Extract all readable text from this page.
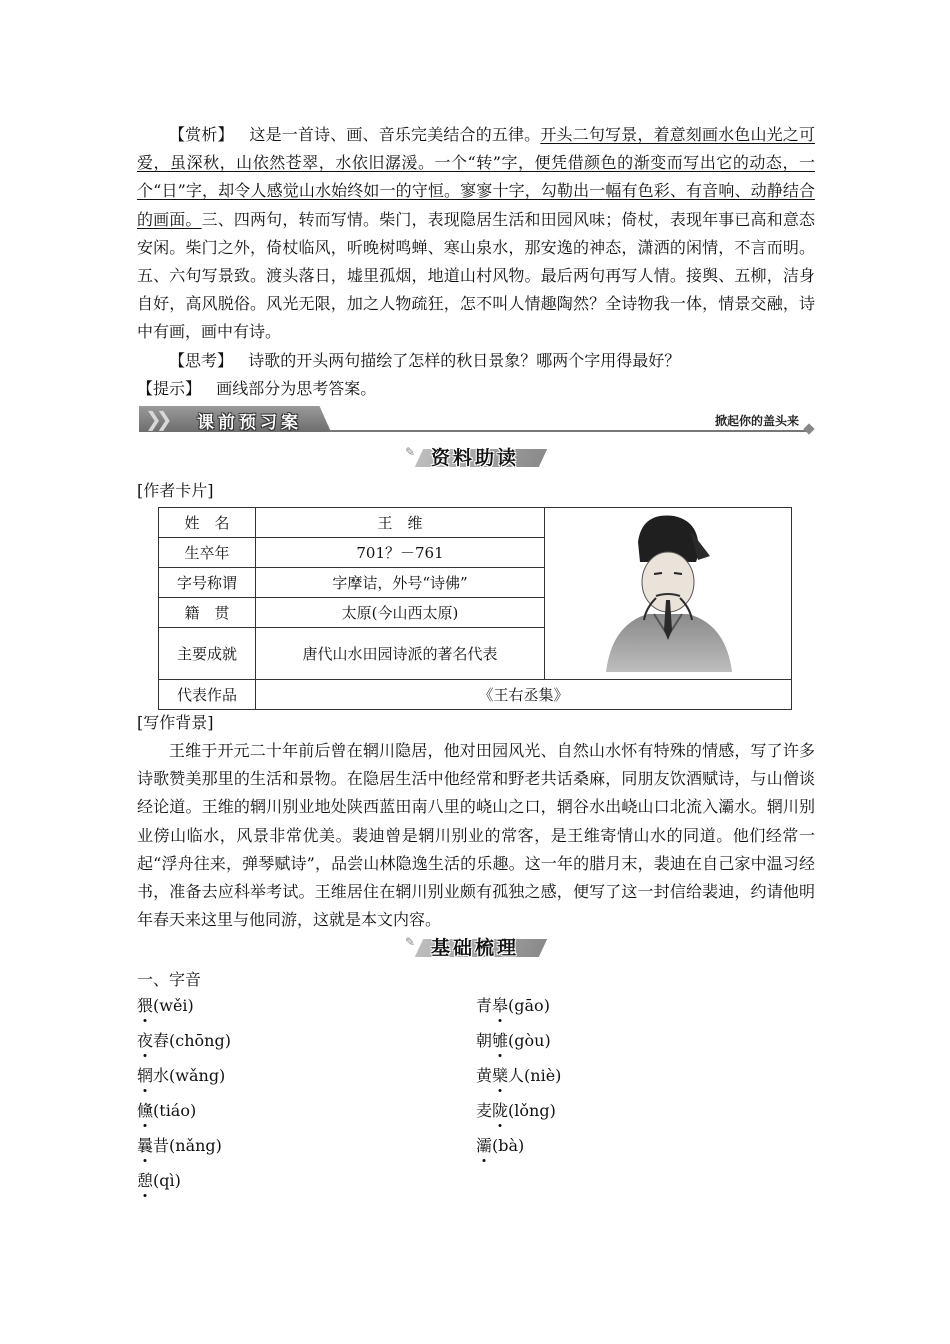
【赏析】 这是一首诗、画、音乐完美结合的五律。开头二句写景，着意刻画水色山光之可爱，虽深秋，山依然苍翠，水依旧潺湲。一个“转”字，便凭借颜色的渐变而写出它的动态，一个“日”字，却令人感觉山水始终如一的守恒。寥寥十字，勾勒出一幅有色彩、有音响、动静结合的画面。三、四两句，转而写情。柴门，表现隐居生活和田园风味；倚杖，表现年事已高和意态安闲。柴门之外，倚杖临风，听晚树鸣蝉、寒山泉水，那安逸的神态，潇洒的闲情，不言而明。五、六句写景致。渡头落日，墟里孤烟，地道山村风物。最后两句再写人情。接舆、五柳，洁身自好，高风脱俗。风光无限，加之人物疏狂，怎不叫人情趣陶然？全诗物我一体，情景交融，诗中有画，画中有诗。

【思考】 诗歌的开头两句描绘了怎样的秋日景象？哪两个字用得最好？

【提示】 画线部分为思考答案。

❯❯ 课前预习案	掀起你的盖头来
✎ 资料助读
[作者卡片]
姓　名	王　维	
生卒年	701？－761	
字号称谓	字摩诘，外号“诗佛”	
籍　贯	太原(今山西太原)	
主要成就	唐代山水田园诗派的著名代表	
代表作品	《王右丞集》	
[写作背景]

王维于开元二十年前后曾在辋川隐居，他对田园风光、自然山水怀有特殊的情感，写了许多诗歌赞美那里的生活和景物。在隐居生活中他经常和野老共话桑麻，同朋友饮酒赋诗，与山僧谈经论道。王维的辋川别业地处陕西蓝田南八里的峣山之口，辋谷水出峣山口北流入灞水。辋川别业傍山临水，风景非常优美。裴迪曾是辋川别业的常客，是王维寄情山水的同道。他们经常一起“浮舟往来，弹琴赋诗”，品尝山林隐逸生活的乐趣。这一年的腊月末，裴迪在自己家中温习经书，准备去应科举考试。王维居住在辋川别业颇有孤独之感，便写了这一封信给裴迪，约请他明年春天来这里与他同游，这就是本文内容。

✎ 基础梳理
一、字音
猥(wěi)
夜舂(chōng)
辋水(wǎng)
儵(tiáo)
曩昔(nǎng)
憩(qì)
青皋(gāo)
朝雊(gòu)
黄檗人(niè)
麦陇(lǒng)
灞(bà)
